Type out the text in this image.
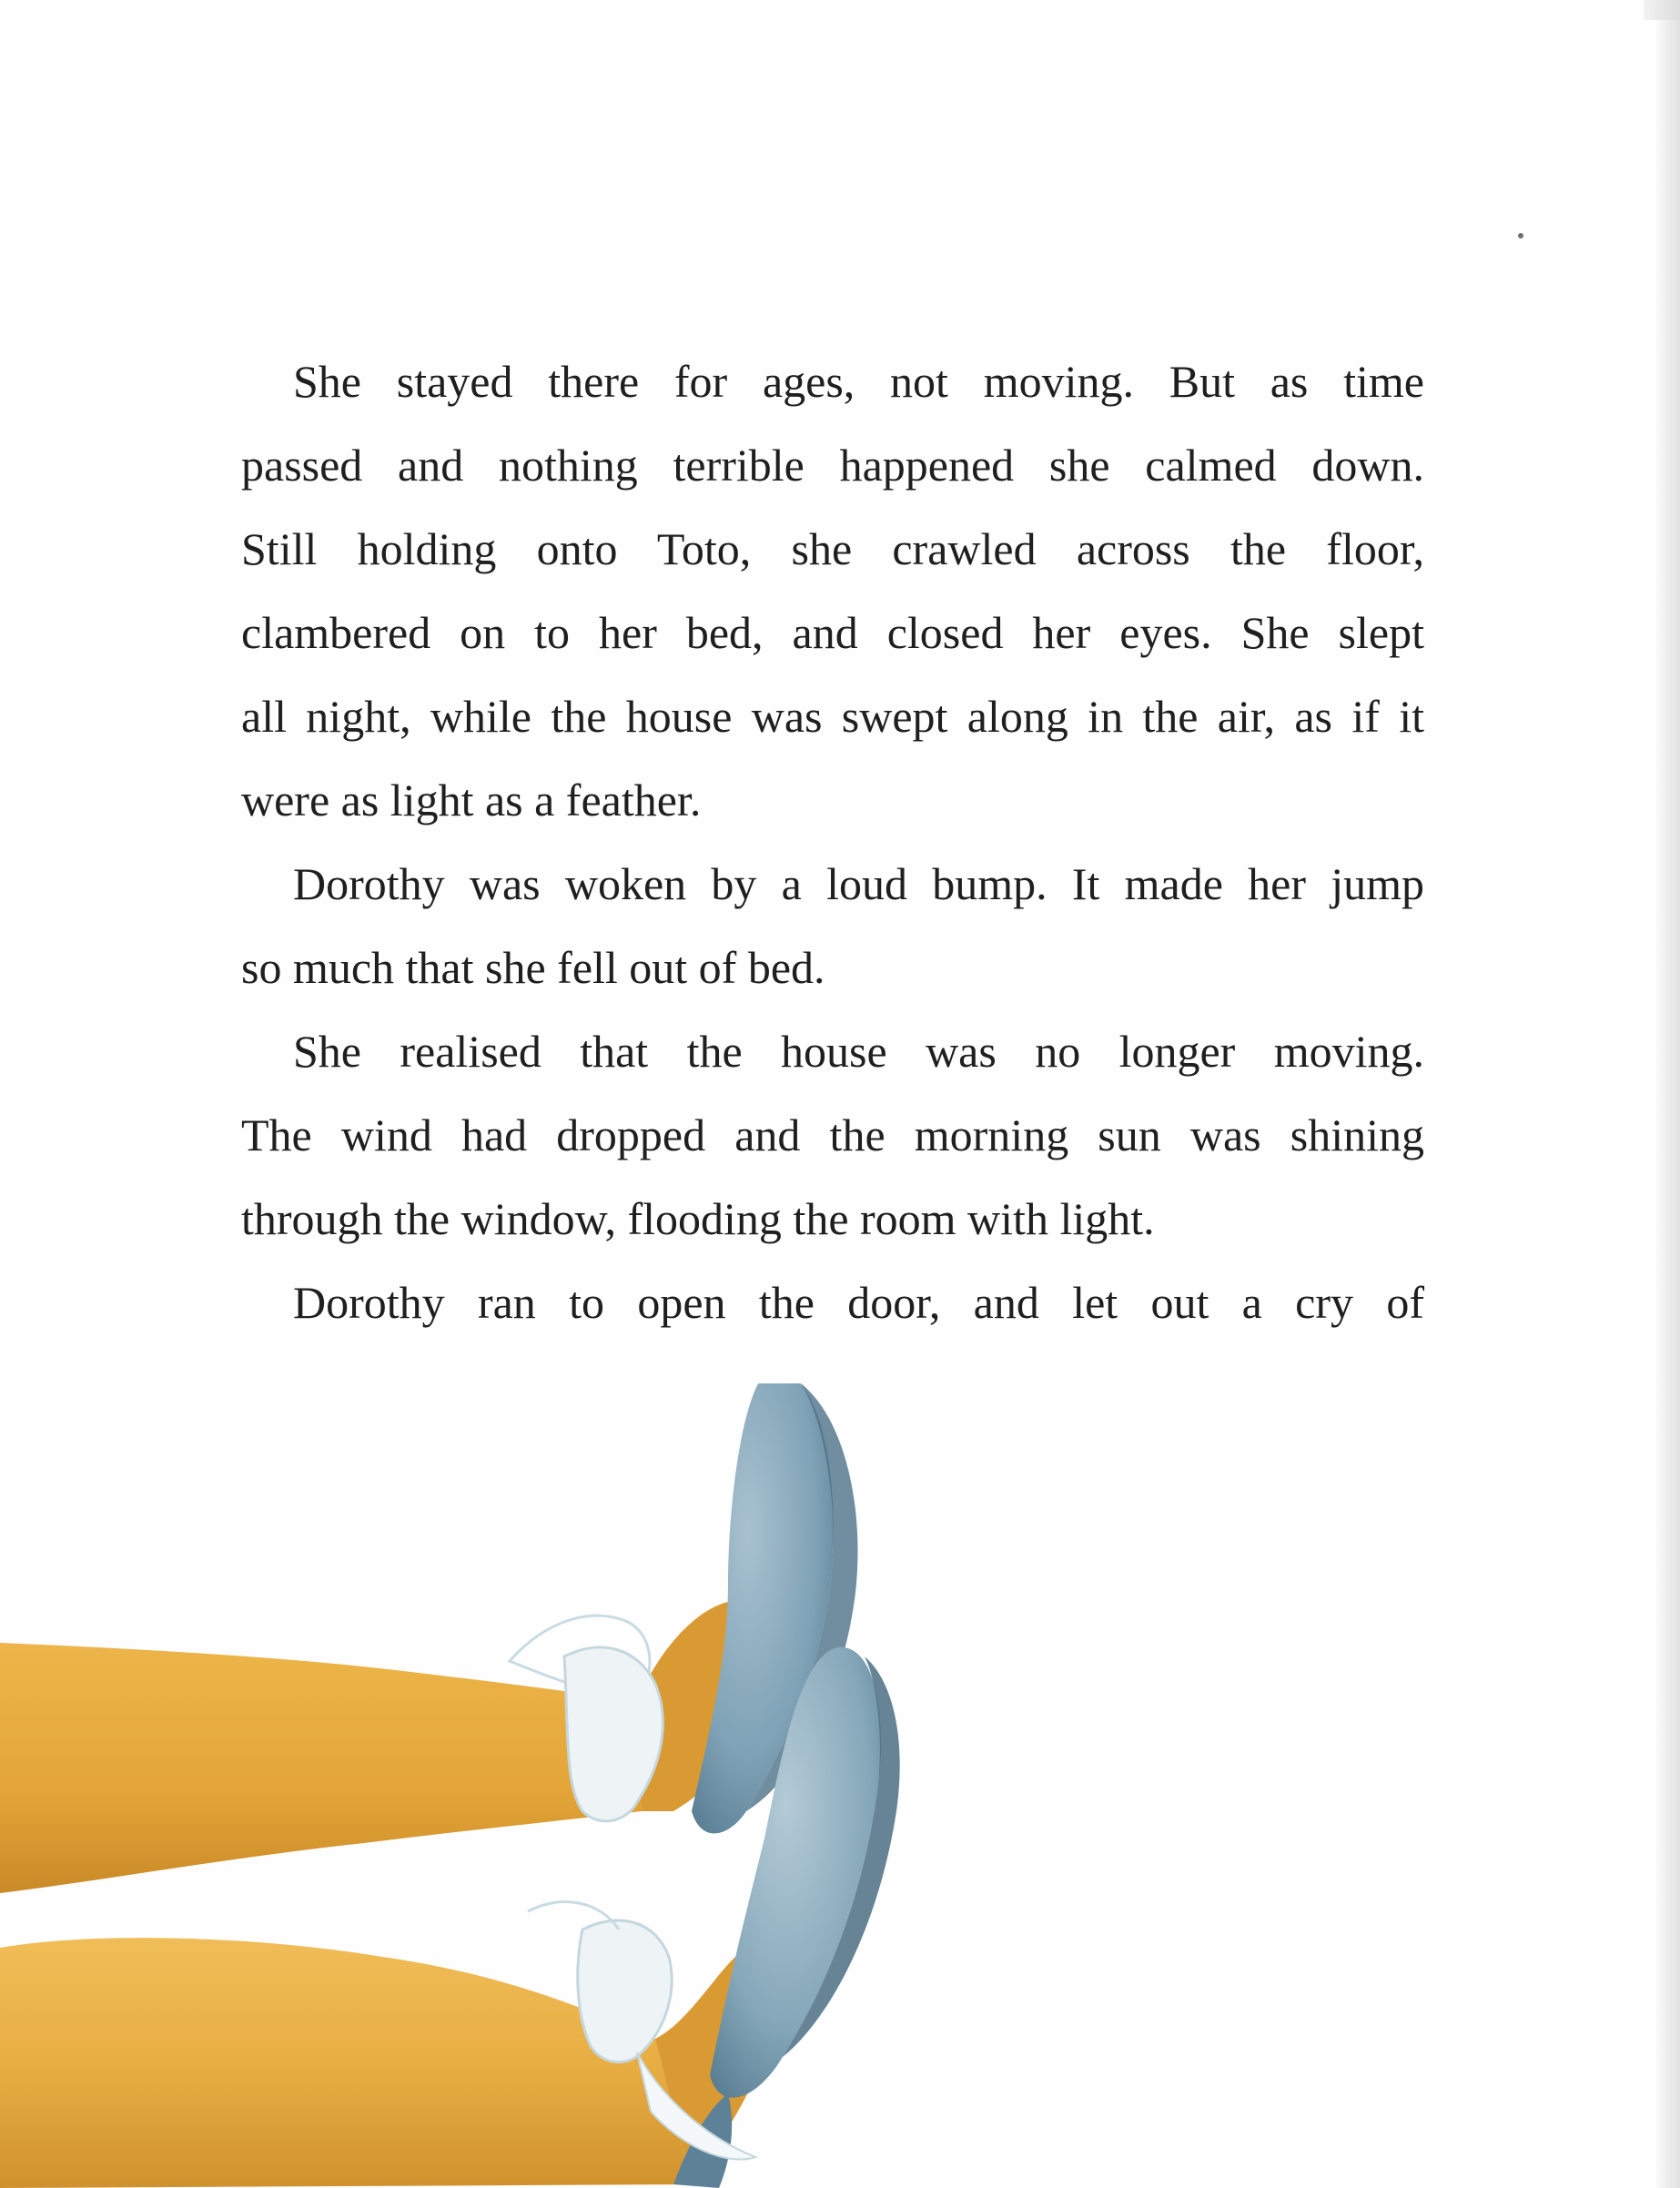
She stayed there for ages, not moving. But as time
passed and nothing terrible happened she calmed down.
Still holding onto Toto, she crawled across the floor,
clambered on to her bed, and closed her eyes. She slept
all night, while the house was swept along in the air, as if it
were as light as a feather.
Dorothy was woken by a loud bump. It made her jump
so much that she fell out of bed.
She realised that the house was no longer moving.
The wind had dropped and the morning sun was shining
through the window, flooding the room with light.
Dorothy ran to open the door, and let out a cry of
